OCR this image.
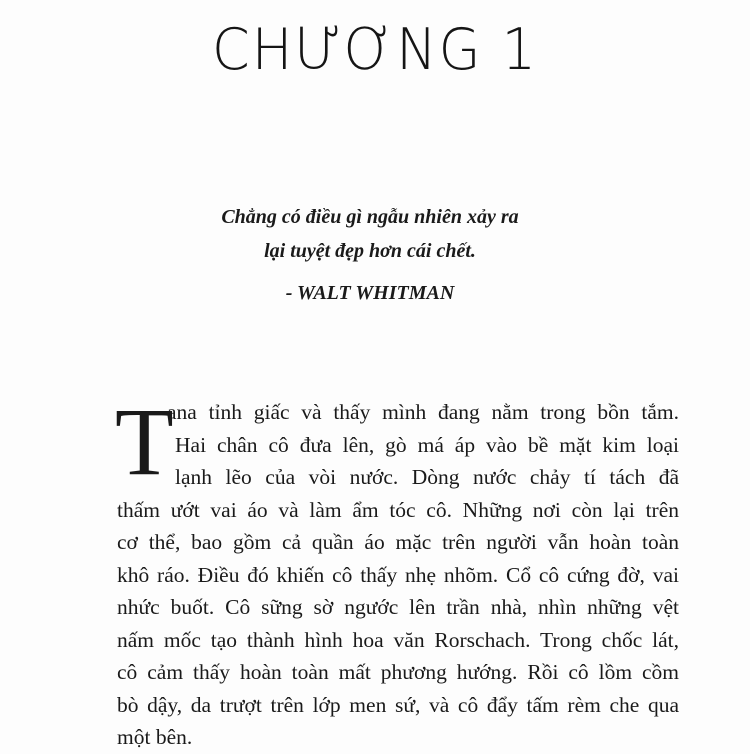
CHƯƠNG 1
Chẳng có điều gì ngẫu nhiên xảy ra
lại tuyệt đẹp hơn cái chết.
- WALT WHITMAN
T
ana tỉnh giấc và thấy mình đang nằm trong bồn tắm.
Hai chân cô đưa lên, gò má áp vào bề mặt kim loại
lạnh lẽo của vòi nước. Dòng nước chảy tí tách đã
thấm ướt vai áo và làm ẩm tóc cô. Những nơi còn lại trên
cơ thể, bao gồm cả quần áo mặc trên người vẫn hoàn toàn
khô ráo. Điều đó khiến cô thấy nhẹ nhõm. Cổ cô cứng đờ, vai
nhức buốt. Cô sững sờ ngước lên trần nhà, nhìn những vệt
nấm mốc tạo thành hình hoa văn Rorschach. Trong chốc lát,
cô cảm thấy hoàn toàn mất phương hướng. Rồi cô lồm cồm
bò dậy, da trượt trên lớp men sứ, và cô đẩy tấm rèm che qua
một bên.
